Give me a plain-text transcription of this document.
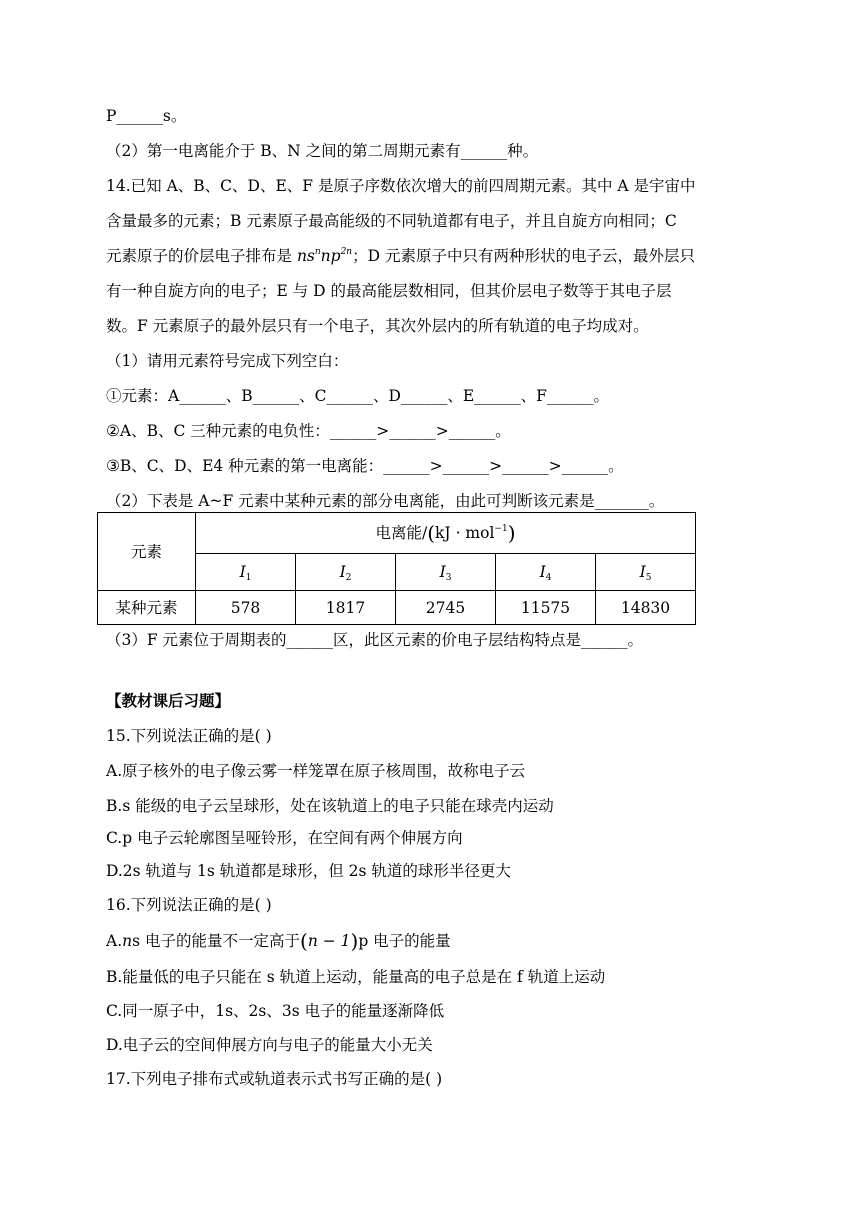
P______s。
（2）第一电离能介于 B、N 之间的第二周期元素有______种。
14.已知 A、B、C、D、E、F 是原子序数依次增大的前四周期元素。其中 A 是宇宙中
含量最多的元素；B 元素原子最高能级的不同轨道都有电子，并且自旋方向相同；C
元素原子的价层电子排布是 $ns^nnp^{2n}$；D 元素原子中只有两种形状的电子云，最外层只
有一种自旋方向的电子；E 与 D 的最高能层数相同，但其价层电子数等于其电子层
数。F 元素原子的最外层只有一个电子，其次外层内的所有轨道的电子均成对。
（1）请用元素符号完成下列空白：
①元素：A______、B______、C______、D______、E______、F______。
②A、B、C 三种元素的电负性：______>______>______。
③B、C、D、E4 种元素的第一电离能：______>______>______>______。
（2）下表是 A~F 元素中某种元素的部分电离能，由此可判断该元素是_______。
元素	电离能/(kJ · mol$^{-1}$)				
	$I_1$	$I_2$	$I_3$	$I_4$	$I_5$
某种元素	578	1817	2745	11575	14830
（3）F 元素位于周期表的______区，此区元素的价电子层结构特点是______。
【教材课后习题】
15.下列说法正确的是( )
A.原子核外的电子像云雾一样笼罩在原子核周围，故称电子云
B.s 能级的电子云呈球形，处在该轨道上的电子只能在球壳内运动
C.p 电子云轮廓图呈哑铃形，在空间有两个伸展方向
D.2s 轨道与 1s 轨道都是球形，但 2s 轨道的球形半径更大
16.下列说法正确的是( )
A.ns 电子的能量不一定高于(n − 1)p 电子的能量
B.能量低的电子只能在 s 轨道上运动，能量高的电子总是在 f 轨道上运动
C.同一原子中，1s、2s、3s 电子的能量逐渐降低
D.电子云的空间伸展方向与电子的能量大小无关
17.下列电子排布式或轨道表示式书写正确的是( )
